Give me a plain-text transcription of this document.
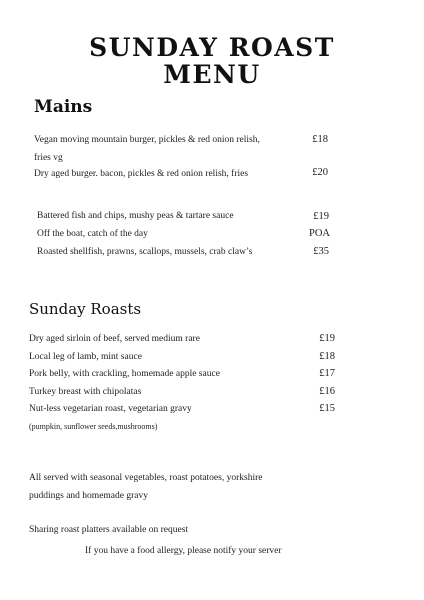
SUNDAY ROAST
MENU
Mains
Vegan moving mountain burger, pickles & red onion relish,
fries vg
£18
Dry aged burger. bacon, pickles & red onion relish, fries	£20
Battered fish and chips, mushy peas & tartare sauce	£19
Off the boat, catch of the day	POA
Roasted shellfish, prawns, scallops, mussels, crab claw’s	£35
Sunday Roasts
Dry aged sirloin of beef, served medium rare	£19
Local leg of lamb, mint sauce	£18
Pork belly, with crackling, homemade apple sauce	£17
Turkey breast with chipolatas	£16
Nut-less vegetarian roast, vegetarian gravy	£15
(pumpkin, sunflower seeds,mushrooms)
All served with seasonal vegetables, roast potatoes, yorkshire
puddings and homemade gravy
Sharing roast platters available on request
If you have a food allergy, please notify your server
